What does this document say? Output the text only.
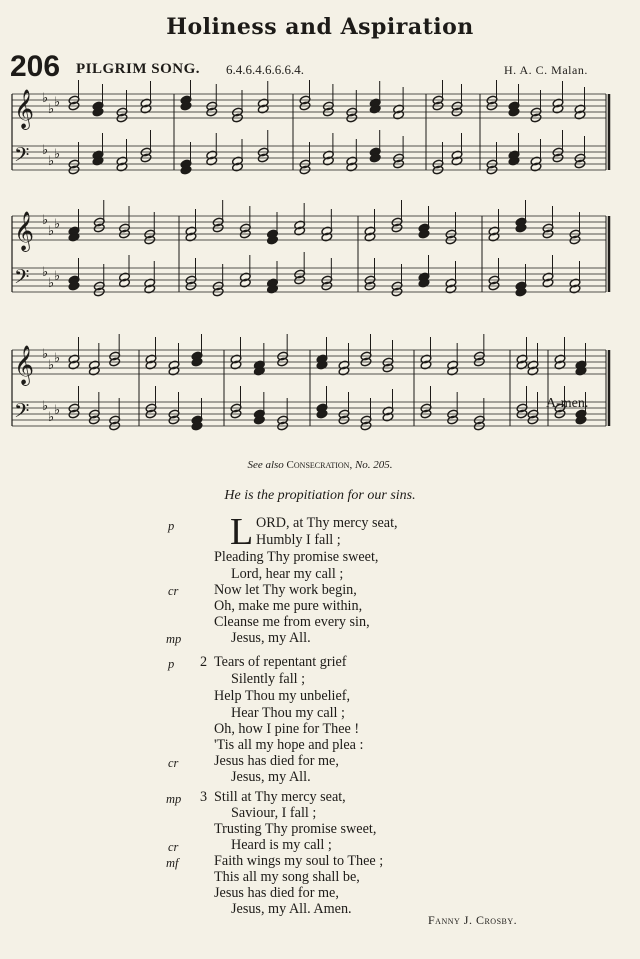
Holiness and Aspiration
206 PILGRIM SONG. 6.4.6.4.6.6.6.4.	H. A. C. Malan.
𝄞 ♭
♭ ♭
𝄢 ♭
♭ ♭
𝄞 ♭
♭ ♭
𝄢 ♭
♭ ♭
𝄞 ♭
♭ ♭
𝄢 ♭
♭ ♭	A-men.
See also Consecration, No. 205.
He is the propitiation for our sins.
L
p	ORD, at Thy mercy seat,
Humbly I fall ;
Pleading Thy promise sweet,
Lord, hear my call ;
cr	Now let Thy work begin,
Oh, make me pure within,
Cleanse me from every sin,
mp	Jesus, my All.
p 2 Tears of repentant grief
Silently fall ;
Help Thou my unbelief,
Hear Thou my call ;
Oh, how I pine for Thee !
'Tis all my hope and plea :
cr	Jesus has died for me,
Jesus, my All.
mp 3 Still at Thy mercy seat,
Saviour, I fall ;
Trusting Thy promise sweet,
cr	Heard is my call ;
mf	Faith wings my soul to Thee ;
This all my song shall be,
Jesus has died for me,
Jesus, my All. Amen.
Fanny J. Crosby.
